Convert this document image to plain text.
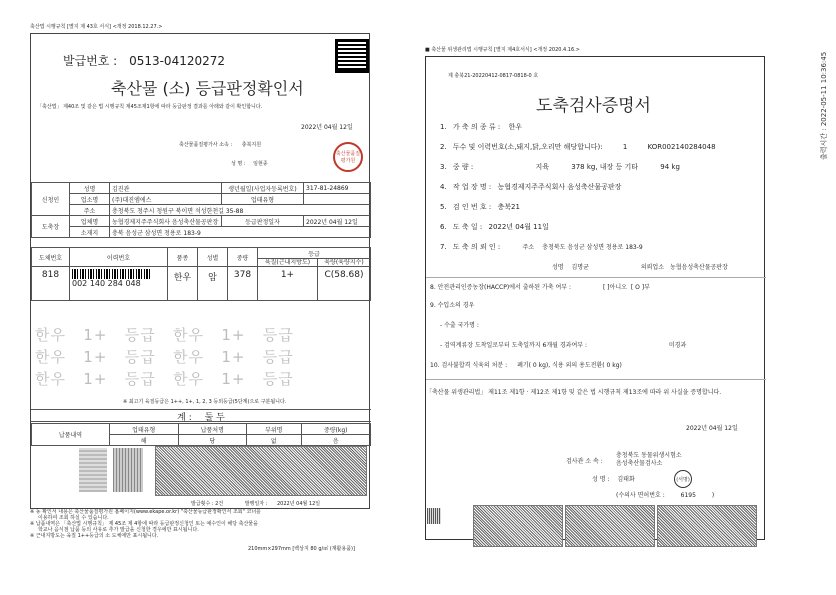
축산법 시행규칙 [별지 제 43호 서식] <개정 2018.12.27.>
발급번호 : 0513-04120272
축산물 (소) 등급판정확인서
「축산법」 제40조 및 같은 법 시행규칙 제45조제1항에 따라 등급판정 결과를 아래와 같이 확인합니다.
2022년 04월 12일
축산물품질평가사 소속 : 충북지원
성 명 : 임현종
축산물품질평가원
신청인	성명	김진관	생년월일(사업자등록번호)	317-81-24869
	업소명	(주)대진엠에스	업태유형	
	주소	충청북도 청주시 청원구 북이면 석성한천길 35-88		
도축장	업체명	농협경제지주주식회사 음성축산물공판장	등급판정일자	2022년 04월 12일
	소재지	충북 음성군 삼성면 청용로 183-9		
도체번호	이력번호	품종	성별	중량	등급	
					육질(근내지방도)	육량(육량지수)
818	002 140 284 048	한우	암	378	1+	C(58.68)
한우 1+ 등급 한우 1+ 등급
한우 1+ 등급 한우 1+ 등급
한우 1+ 등급 한우 1+ 등급
※ 최고기 육질등급은 1++, 1+, 1, 2, 3 등외등급(5단계)으로 구분됩니다.
계 : 둘 두
납품내역	업태유형	납품처명	부위명	중량(kg)
	해	당	없	음
발급횟수 : 2건	발행일자 : 2022년 04월 12일
※ 동 확인서 내용은 축산물품질평가원 홈페이지(www.ekape.or.kr) "축산물등급판정확인서 조회" 코너를
이용하여 조회 하실 수 있습니다.
※ 납품내역은 「축산법 시행규칙」 제 45조 제 4항에 따라 등급판정신청인 또는 예수인이 해당 축산물을
학교나 음식점 납품 등의 사유로 추가 발급을 신청한 경우에만 표시됩니다.
※ 근내지방도는 육질 1++등급의 소 도체에만 표시됩니다.
210mm×297mm [백상지 80 g/㎡ (재활용품)]
■ 축산물 위생관리법 시행규칙 [별지 제4호서식] <개정 2020.4.16.>
제 충북21-20220412-0817-0818-0 호
도축검사증명서
1. 가 축 의 종 류 : 한우
2. 두수 및 이력번호(소,돼지,닭,오리만 해당합니다):	1	KOR002140284048
3. 중 량 :	지육	378 kg, 내장 등 기타	94 kg
4. 작 업 장 명 : 농협경제지주주식회사 음성축산물공판장
5. 검 인 번 호 : 충북21
6. 도 축 일 : 2022년 04월 11일
7. 도 축 의 뢰 인 :	주소 충청북도 음성군 삼성면 청용로 183-9
성명 김명균	의뢰업소 농협음성축산물공판장
8. 안전관리인증농장(HACCP)에서 출하된 가축 여부 :	[ ]아니오 [ O ]부
9. 수입소의 경우
- 수출 국가명 :
- 검역계류장 도착일로부터 도축일까지 6개월 경과여부 :	미경과
10. 검사불합격 식육의 처분 : 폐기( 0 kg), 식용 외의 용도전환( 0 kg)
「축산물 위생관리법」 제11조 제1항 · 제12조 제1항 및 같은 법 시행규칙 제13조에 따라 위 사실을 증명합니다.
2022년 04월 12일
검사관 소 속 :
충청북도 동물위생시험소
음성축산물검사소
성 명 : 김태화	(서명)
(수의사 면허번호 :	6195	)
출력시간 : 2022-05-11 10:36:45
